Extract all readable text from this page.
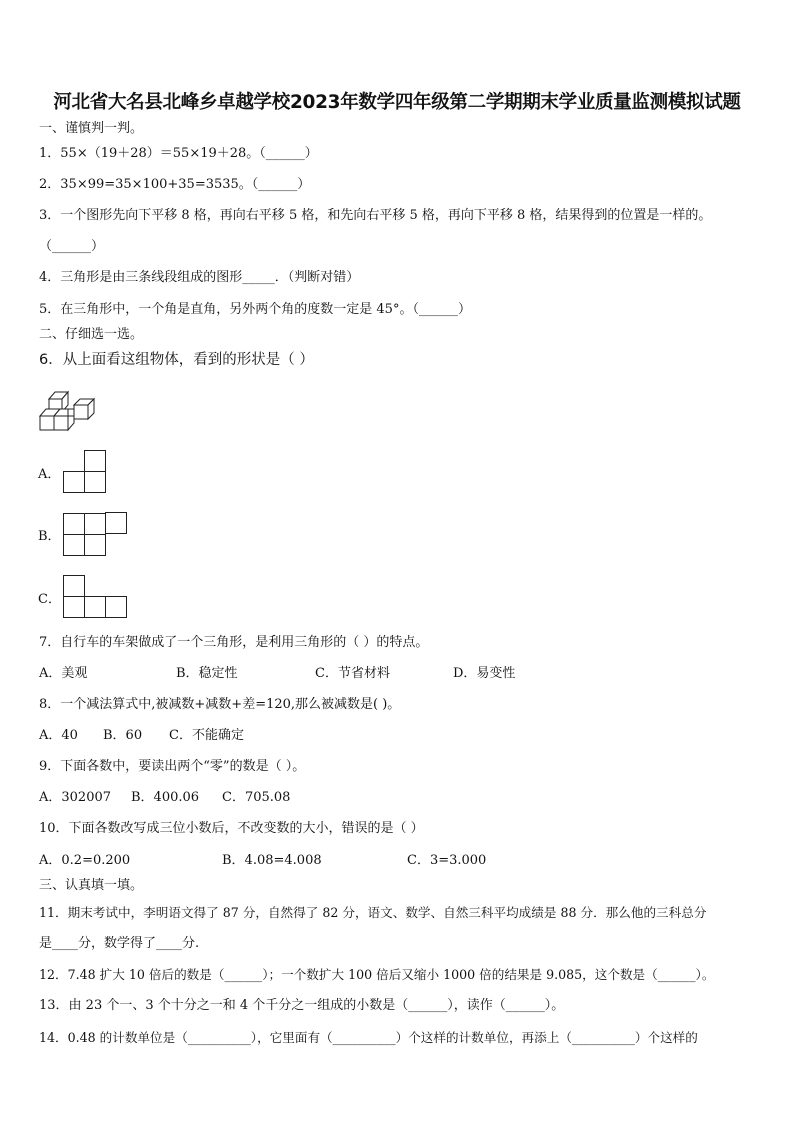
河北省大名县北峰乡卓越学校2023年数学四年级第二学期期末学业质量监测模拟试题
一、谨慎判一判。
1．55×（19＋28）＝55×19＋28。（______）
2．35×99=35×100+35=3535。（______）
3．一个图形先向下平移 8 格，再向右平移 5 格，和先向右平移 5 格，再向下平移 8 格，结果得到的位置是一样的。
（______）
4．三角形是由三条线段组成的图形_____．（判断对错）
5．在三角形中，一个角是直角，另外两个角的度数一定是 45°。（______）
二、仔细选一选。
6．从上面看这组物体，看到的形状是（ ）
A．
B．
C．
7．自行车的车架做成了一个三角形，是利用三角形的（ ）的特点。
A．美观	B．稳定性	C．节省材料	D．易变性
8．一个减法算式中,被减数+减数+差=120,那么被减数是( )。
A．40 B．60 C．不能确定
9．下面各数中，要读出两个“零”的数是（ ）。
A．302007 B．400.06 C．705.08
10．下面各数改写成三位小数后，不改变数的大小，错误的是（ ）
A．0.2=0.200	B．4.08=4.008	C．3=3.000
三、认真填一填。
11．期末考试中，李明语文得了 87 分，自然得了 82 分，语文、数学、自然三科平均成绩是 88 分．那么他的三科总分
是____分，数学得了____分.
12．7.48 扩大 10 倍后的数是（______）；一个数扩大 100 倍后又缩小 1000 倍的结果是 9.085，这个数是（______）。
13．由 23 个一、3 个十分之一和 4 个千分之一组成的小数是（______），读作（______）。
14．0.48 的计数单位是（__________），它里面有（__________）个这样的计数单位，再添上（__________）个这样的
